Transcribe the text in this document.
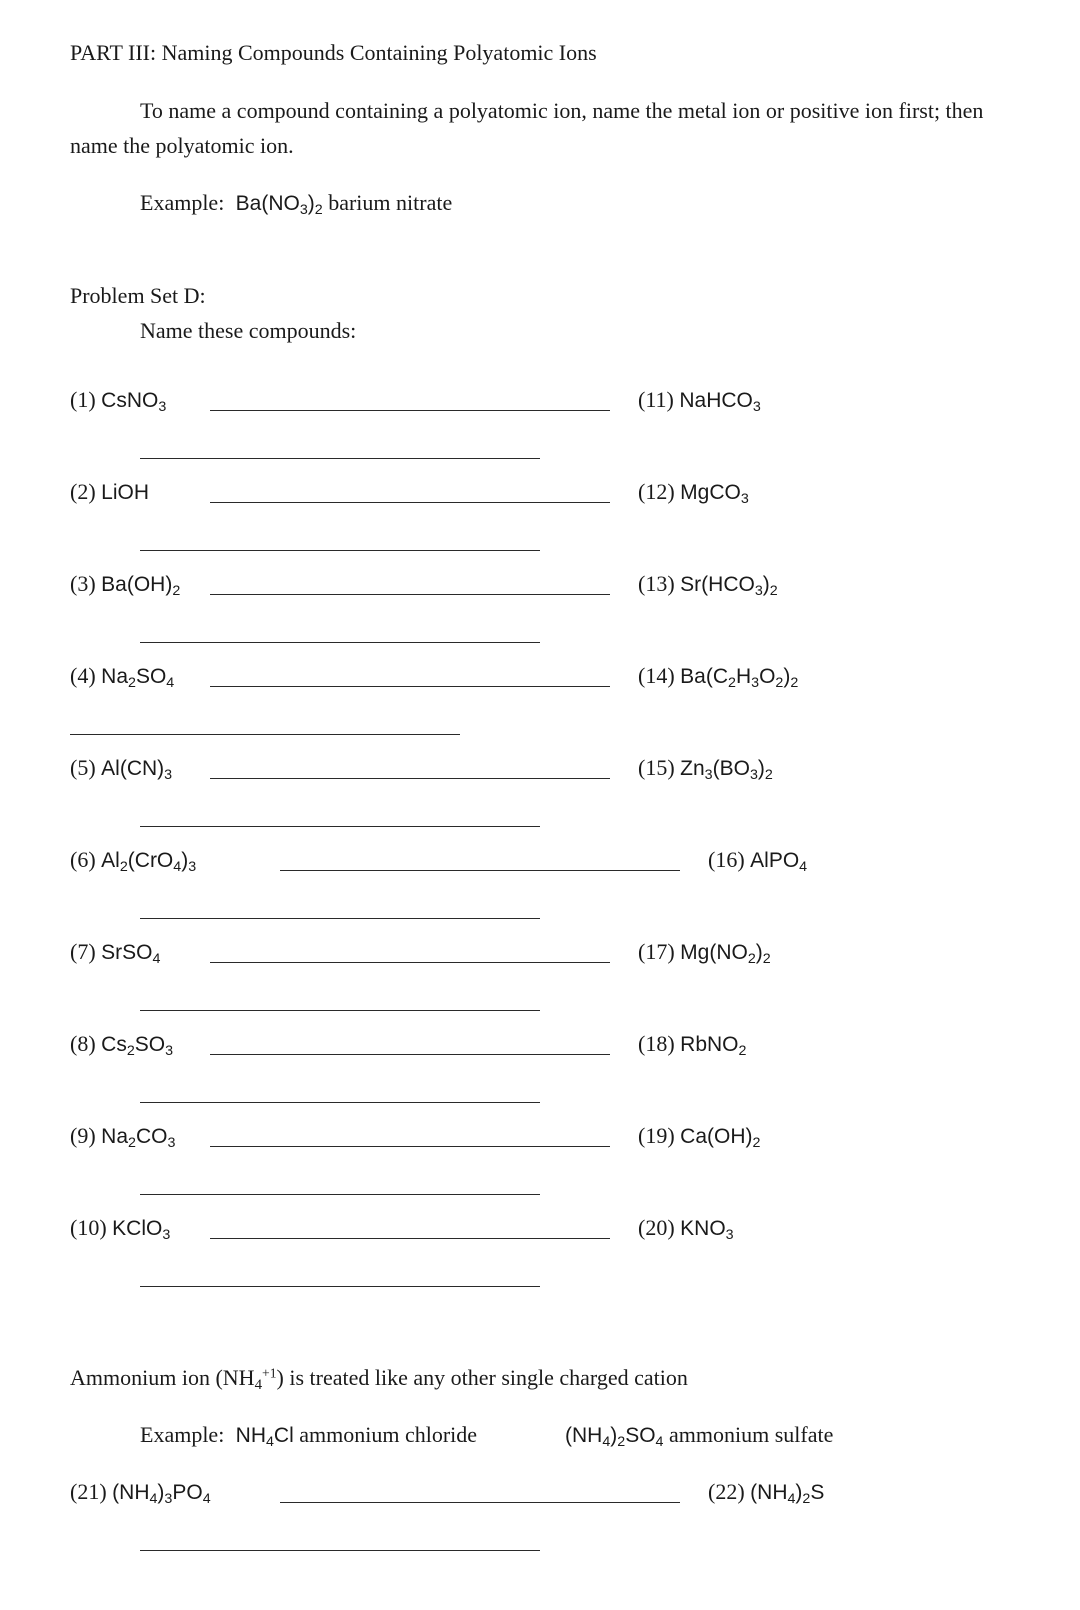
PART III: Naming Compounds Containing Polyatomic Ions
To name a compound containing a polyatomic ion, name the metal ion or positive ion first; then
name the polyatomic ion.
Example:  $Ba(NO_3)_2$ barium nitrate
Problem Set D:
Name these compounds:
(1) CsNO$_3$
(2) LiOH
(3) $Ba(OH)_2$
(4) $Na_2SO_4$
(5) $Al(CN)_3$
(6) $Al_2(CrO_4)_3$
(7) SrSO$_4$
(8) $Cs_2SO_3$
(9) $Na_2CO_3$
(10) KClO$_3$
(11) NaHCO$_3$
(12) MgCO$_3$
(13) $Sr(HCO_3)_2$
(14) $Ba(C_2H_3O_2)_2$
(15) $Zn_3(BO_3)_2$
(16) AlPO$_4$
(17) $Mg(NO_2)_2$
(18) RbNO$_2$
(19) $Ca(OH)_2$
(20) $KNO_3$
Ammonium ion $(NH_4^{+1})$ is treated like any other single charged cation
Example:  $NH_4Cl$ ammonium chloride	$(NH_4)_2SO_4$ ammonium sulfate
(21) $(NH_4)_3PO_4$	(22) $(NH_4)_2S$
